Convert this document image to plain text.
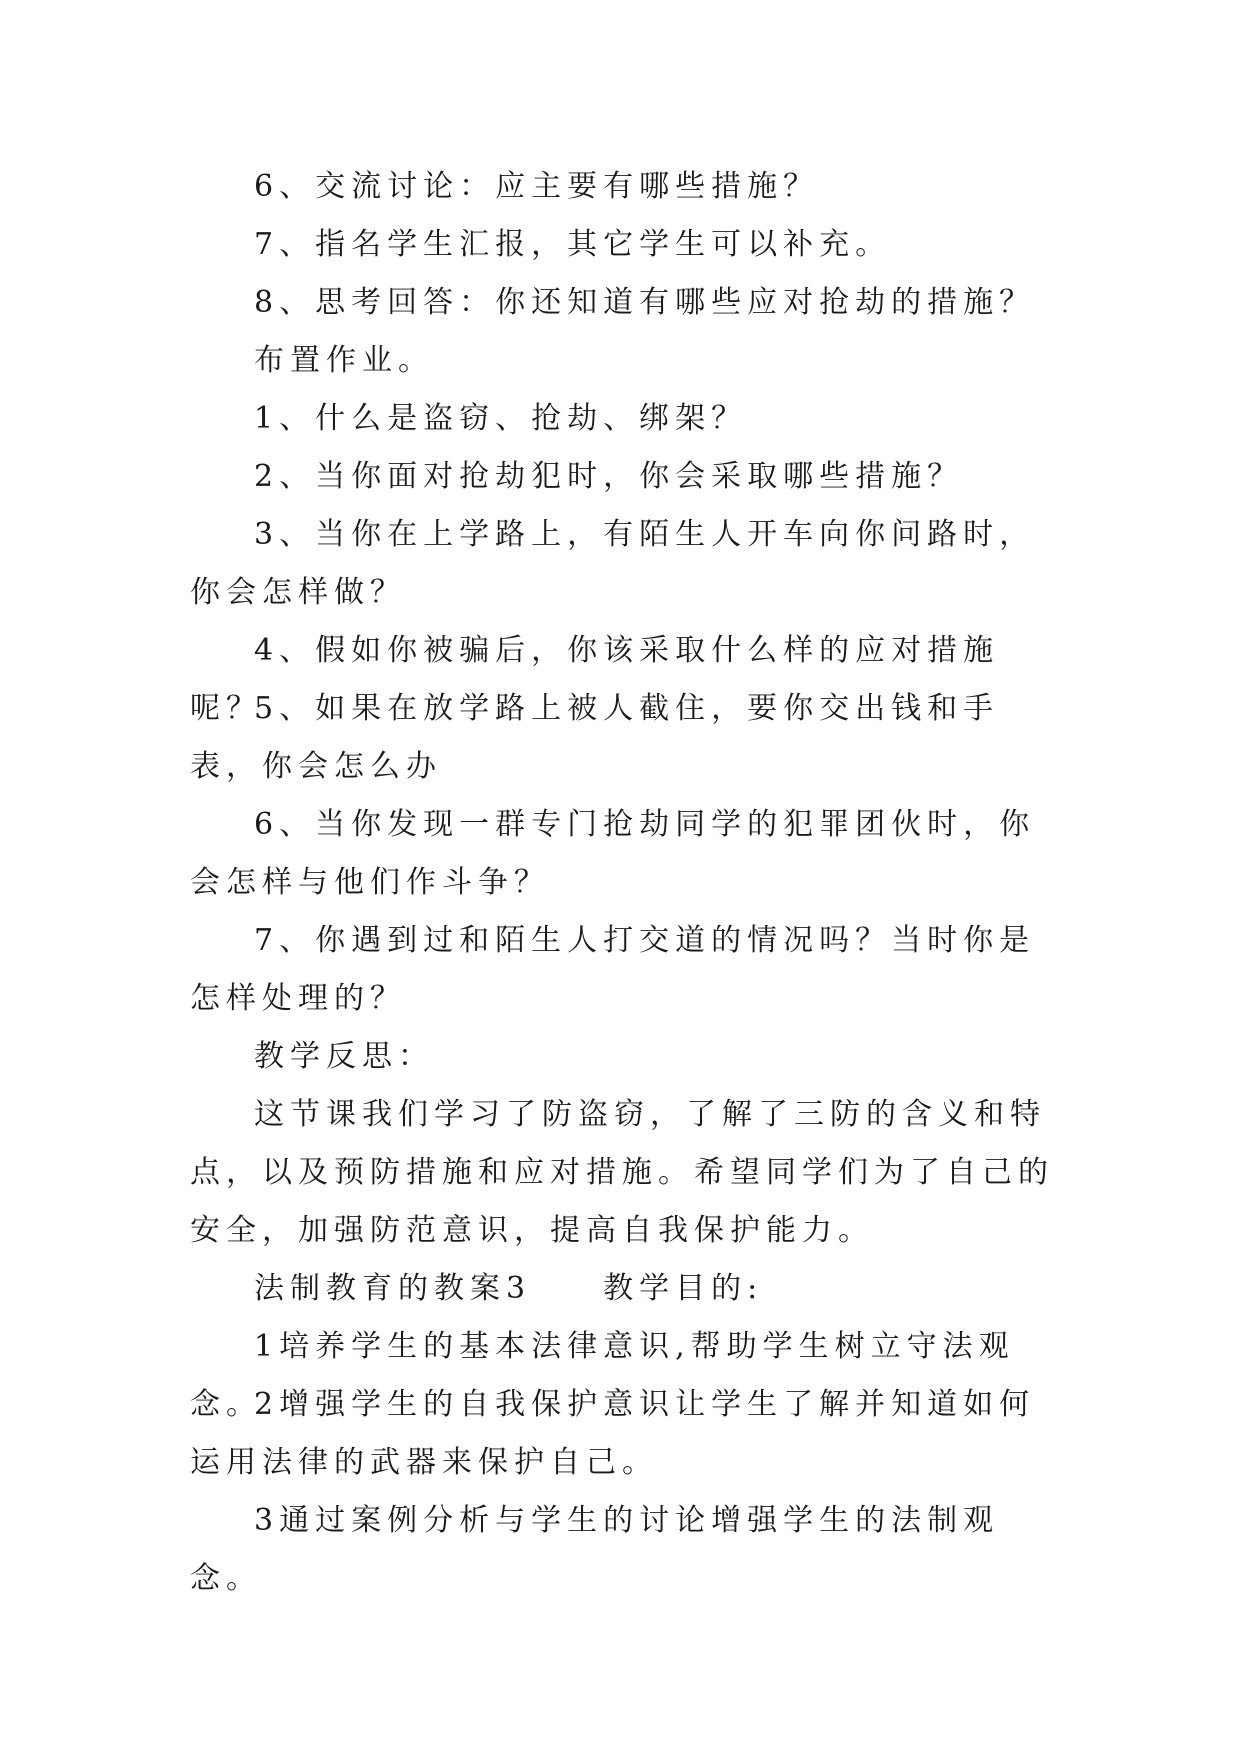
6、交流讨论：应主要有哪些措施？

7、指名学生汇报，其它学生可以补充。

8、思考回答：你还知道有哪些应对抢劫的措施？

布置作业。

1、什么是盗窃、抢劫、绑架？

2、当你面对抢劫犯时，你会采取哪些措施？

3、当你在上学路上，有陌生人开车向你问路时，你会怎样做？

4、假如你被骗后，你该采取什么样的应对措施呢？

5、如果在放学路上被人截住，要你交出钱和手表，你会怎么办

6、当你发现一群专门抢劫同学的犯罪团伙时，你会怎样与他们作斗争？

7、你遇到过和陌生人打交道的情况吗？当时你是怎样处理的？

教学反思：

这节课我们学习了防盗窃，了解了三防的含义和特点，以及预防措施和应对措施。希望同学们为了自己的安全，加强防范意识，提高自我保护能力。

法制教育的教案3　　教学目的:

1培养学生的基本法律意识,帮助学生树立守法观念。

2增强学生的自我保护意识让学生了解并知道如何运用法律的武器来保护自己。

3通过案例分析与学生的讨论增强学生的法制观念。
